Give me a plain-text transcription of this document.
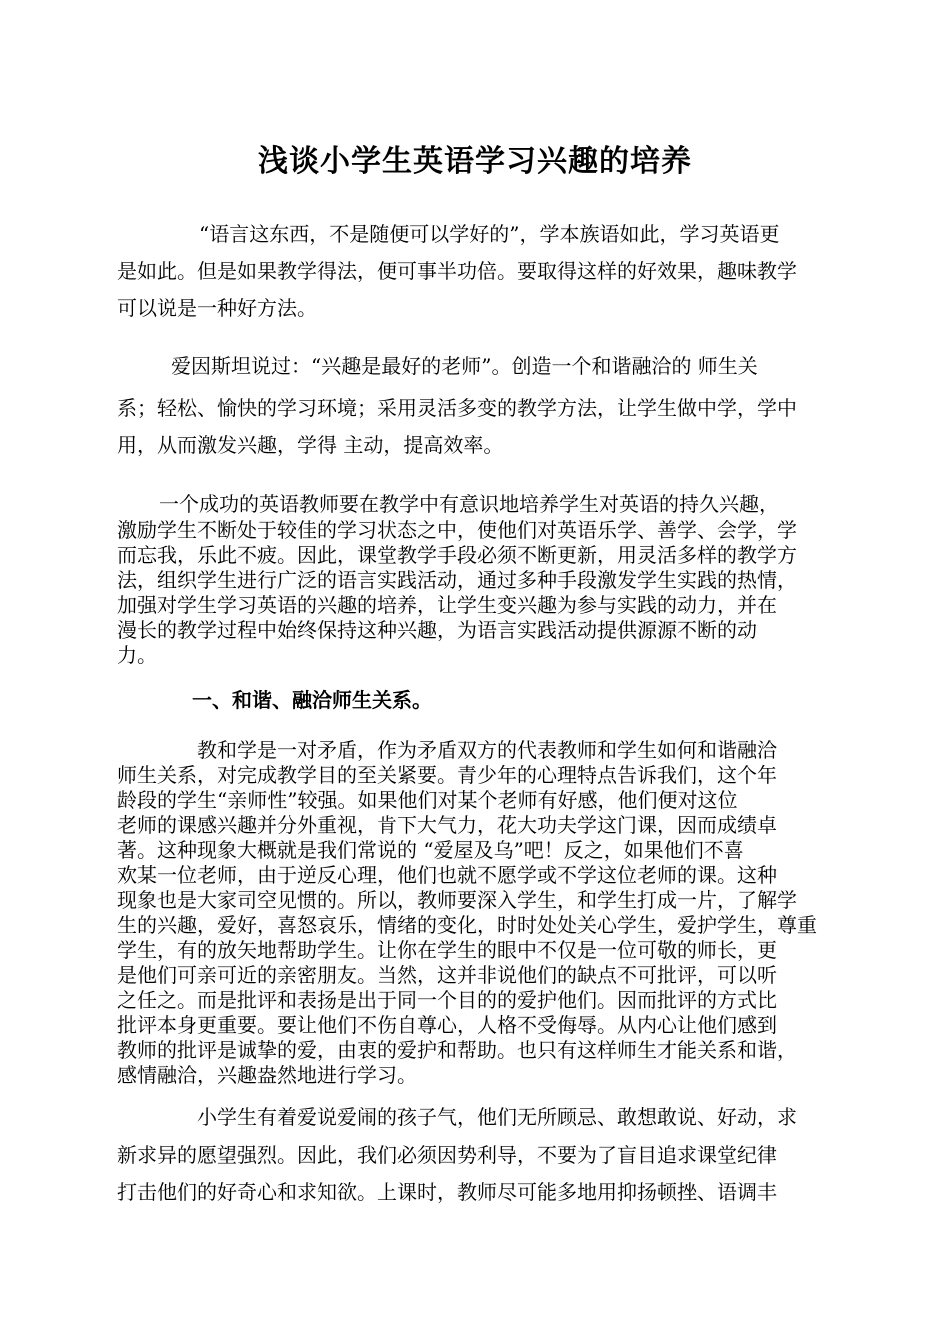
浅谈小学生英语学习兴趣的培养
“语言这东西，不是随便可以学好的”，学本族语如此，学习英语更
是如此。但是如果教学得法，便可事半功倍。要取得这样的好效果，趣味教学
可以说是一种好方法。
爱因斯坦说过：“兴趣是最好的老师”。创造一个和谐融洽的 师生关
系；轻松、愉快的学习环境；采用灵活多变的教学方法，让学生做中学，学中
用，从而激发兴趣，学得 主动，提高效率。
一个成功的英语教师要在教学中有意识地培养学生对英语的持久兴趣，
激励学生不断处于较佳的学习状态之中，使他们对英语乐学、善学、会学，学
而忘我，乐此不疲。因此，课堂教学手段必须不断更新，用灵活多样的教学方
法，组织学生进行广泛的语言实践活动，通过多种手段激发学生实践的热情，
加强对学生学习英语的兴趣的培养，让学生变兴趣为参与实践的动力，并在
漫长的教学过程中始终保持这种兴趣，为语言实践活动提供源源不断的动
力。
一、和谐、融洽师生关系。
教和学是一对矛盾，作为矛盾双方的代表教师和学生如何和谐融洽
师生关系，对完成教学目的至关紧要。青少年的心理特点告诉我们，这个年
龄段的学生“亲师性”较强。如果他们对某个老师有好感，他们便对这位
老师的课感兴趣并分外重视，肯下大气力，花大功夫学这门课，因而成绩卓
著。这种现象大概就是我们常说的 “爱屋及乌”吧！反之，如果他们不喜
欢某一位老师，由于逆反心理，他们也就不愿学或不学这位老师的课。这种
现象也是大家司空见惯的。所以，教师要深入学生，和学生打成一片，了解学
生的兴趣，爱好，喜怒哀乐，情绪的变化，时时处处关心学生，爱护学生，尊重
学生，有的放矢地帮助学生。让你在学生的眼中不仅是一位可敬的师长，更
是他们可亲可近的亲密朋友。当然，这并非说他们的缺点不可批评，可以听
之任之。而是批评和表扬是出于同一个目的的爱护他们。因而批评的方式比
批评本身更重要。要让他们不伤自尊心，人格不受侮辱。从内心让他们感到
教师的批评是诚挚的爱，由衷的爱护和帮助。也只有这样师生才能关系和谐，
感情融洽，兴趣盎然地进行学习。
小学生有着爱说爱闹的孩子气，他们无所顾忌、敢想敢说、好动，求
新求异的愿望强烈。因此，我们必须因势利导，不要为了盲目追求课堂纪律
打击他们的好奇心和求知欲。上课时，教师尽可能多地用抑扬顿挫、语调丰
